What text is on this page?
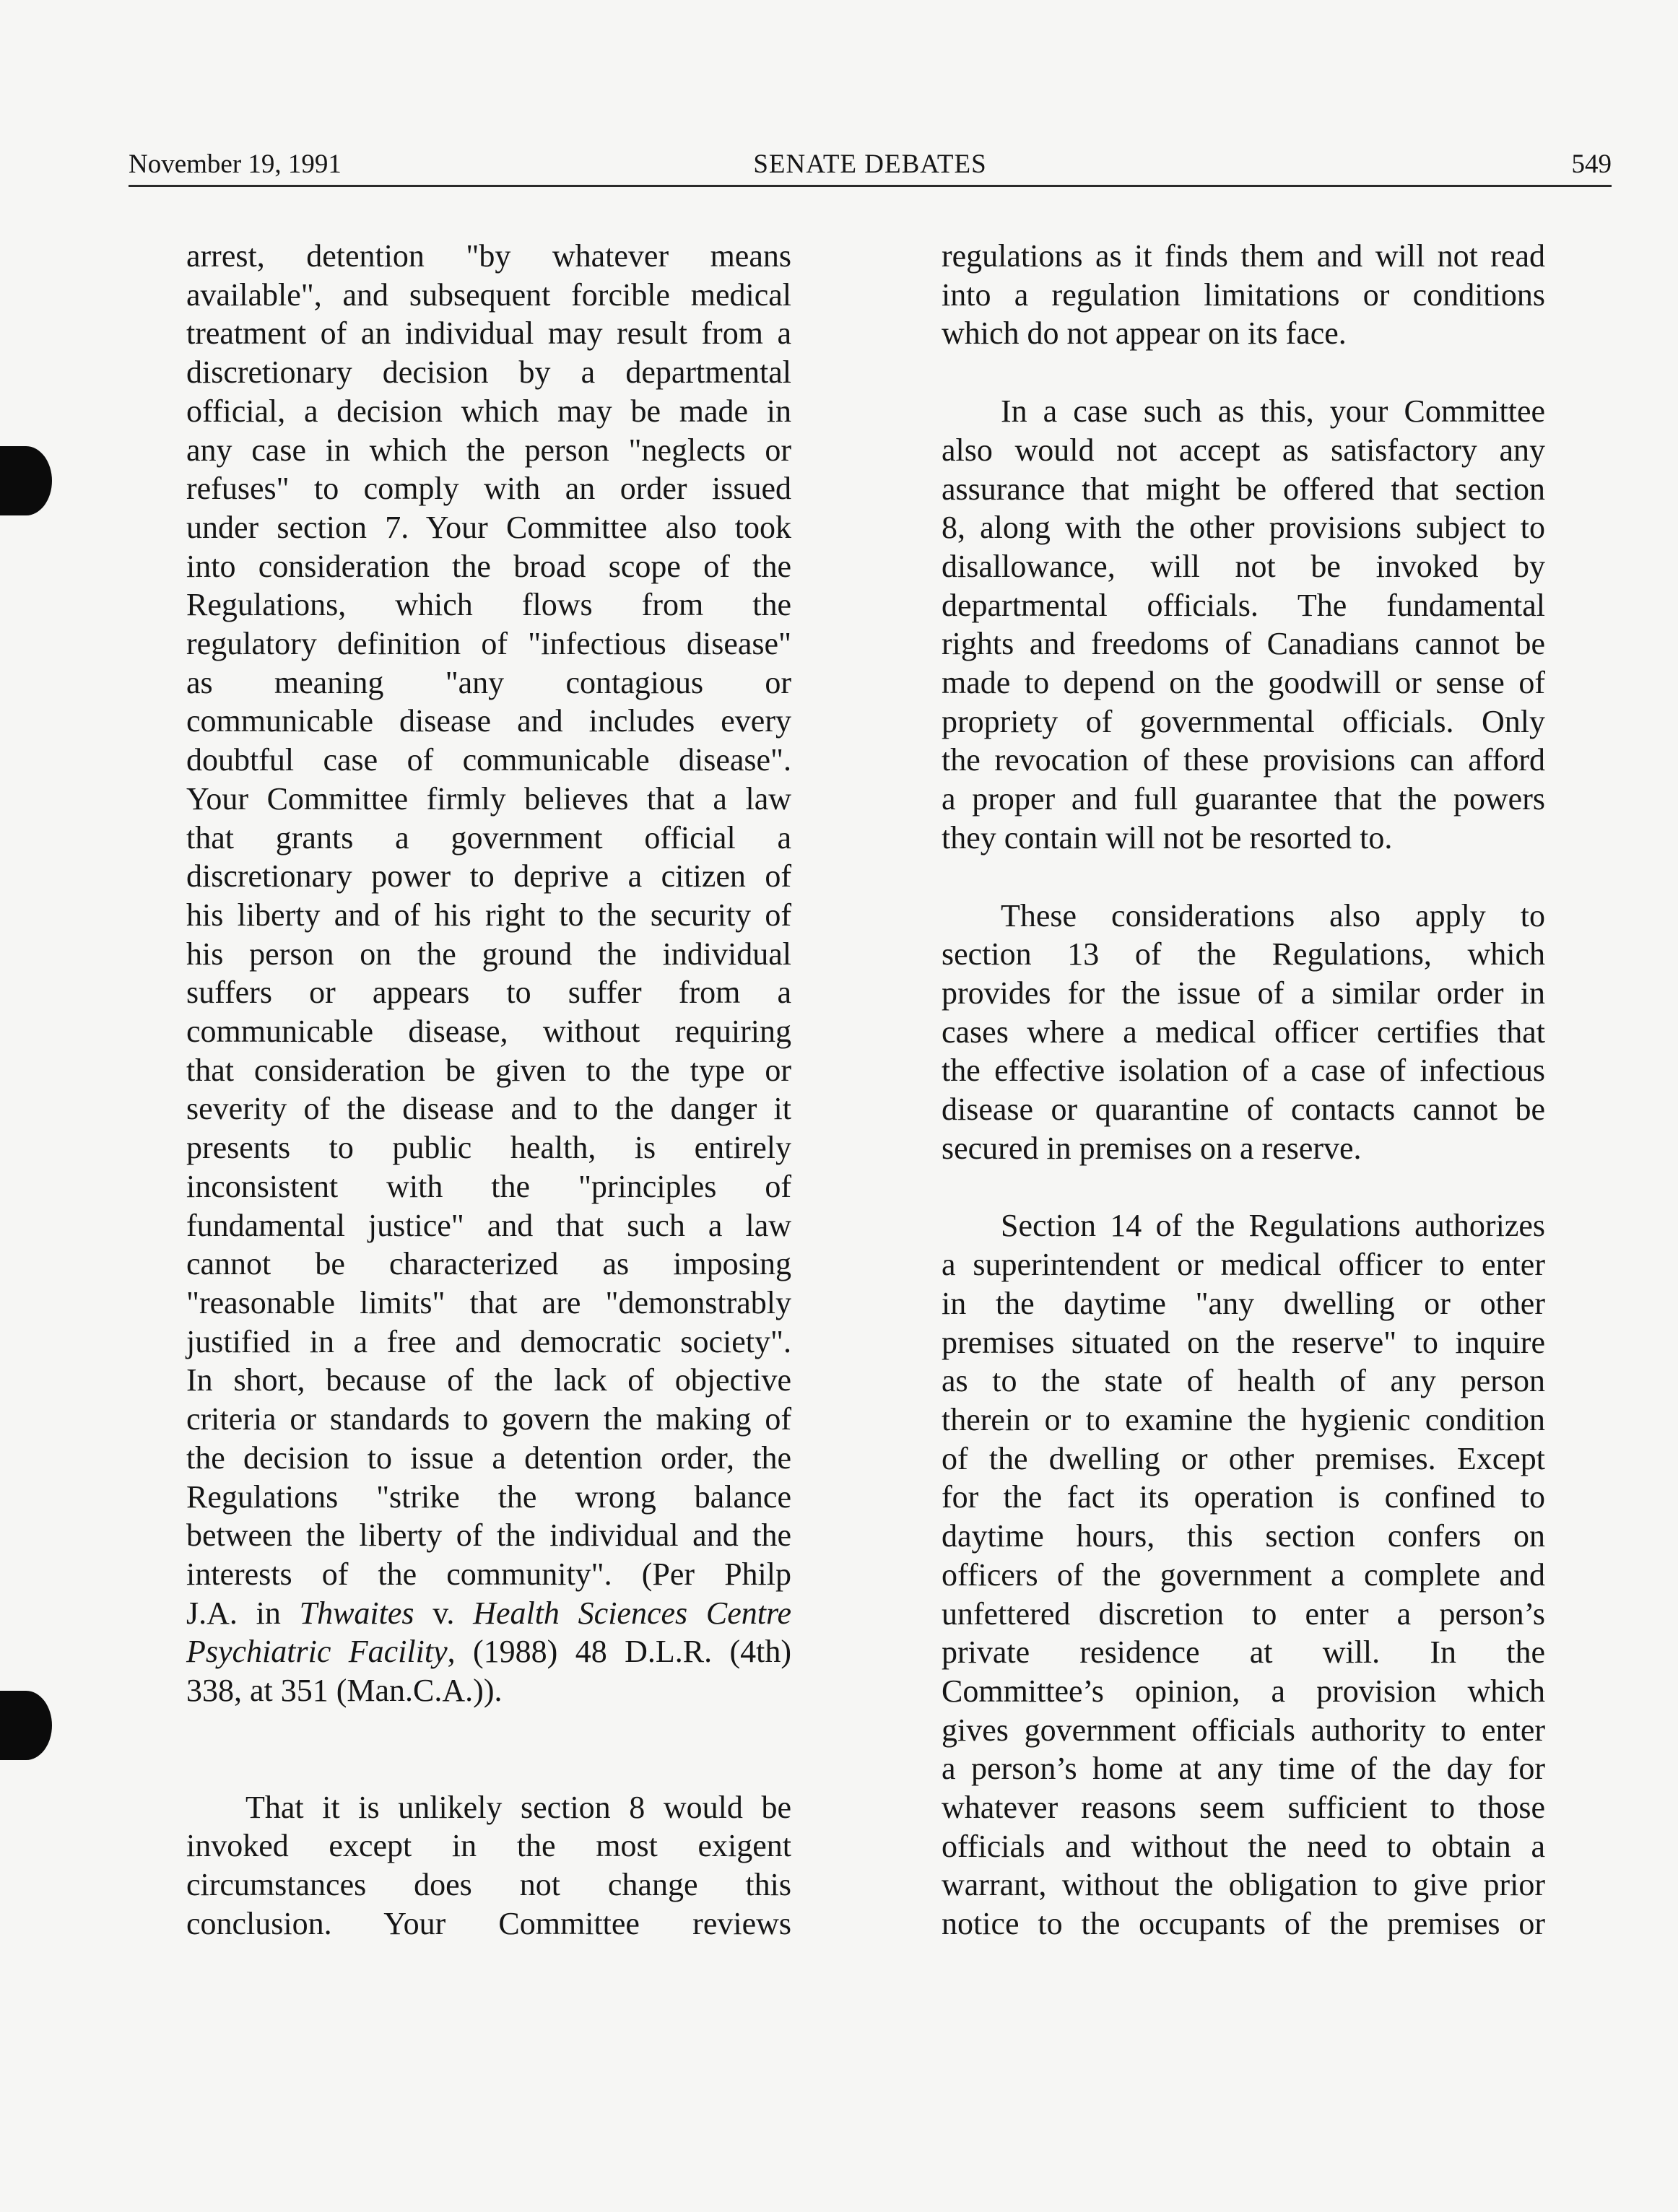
November 19, 1991	SENATE DEBATES	549
arrest, detention "by whatever means
available", and subsequent forcible medical
treatment of an individual may result from a
discretionary decision by a departmental
official, a decision which may be made in
any case in which the person "neglects or
refuses" to comply with an order issued
under section 7. Your Committee also took
into consideration the broad scope of the
Regulations, which flows from the
regulatory definition of "infectious disease"
as meaning "any contagious or
communicable disease and includes every
doubtful case of communicable disease".
Your Committee firmly believes that a law
that grants a government official a
discretionary power to deprive a citizen of
his liberty and of his right to the security of
his person on the ground the individual
suffers or appears to suffer from a
communicable disease, without requiring
that consideration be given to the type or
severity of the disease and to the danger it
presents to public health, is entirely
inconsistent with the "principles of
fundamental justice" and that such a law
cannot be characterized as imposing
"reasonable limits" that are "demonstrably
justified in a free and democratic society".
In short, because of the lack of objective
criteria or standards to govern the making of
the decision to issue a detention order, the
Regulations "strike the wrong balance
between the liberty of the individual and the
interests of the community". (Per Philp
J.A. in Thwaites v. Health Sciences Centre
Psychiatric Facility, (1988) 48 D.L.R. (4th)
338, at 351 (Man.C.A.)).
That it is unlikely section 8 would be
invoked except in the most exigent
circumstances does not change this
conclusion. Your Committee reviews
regulations as it finds them and will not read
into a regulation limitations or conditions
which do not appear on its face.
In a case such as this, your Committee
also would not accept as satisfactory any
assurance that might be offered that section
8, along with the other provisions subject to
disallowance, will not be invoked by
departmental officials. The fundamental
rights and freedoms of Canadians cannot be
made to depend on the goodwill or sense of
propriety of governmental officials. Only
the revocation of these provisions can afford
a proper and full guarantee that the powers
they contain will not be resorted to.
These considerations also apply to
section 13 of the Regulations, which
provides for the issue of a similar order in
cases where a medical officer certifies that
the effective isolation of a case of infectious
disease or quarantine of contacts cannot be
secured in premises on a reserve.
Section 14 of the Regulations authorizes
a superintendent or medical officer to enter
in the daytime "any dwelling or other
premises situated on the reserve" to inquire
as to the state of health of any person
therein or to examine the hygienic condition
of the dwelling or other premises. Except
for the fact its operation is confined to
daytime hours, this section confers on
officers of the government a complete and
unfettered discretion to enter a person’s
private residence at will. In the
Committee’s opinion, a provision which
gives government officials authority to enter
a person’s home at any time of the day for
whatever reasons seem sufficient to those
officials and without the need to obtain a
warrant, without the obligation to give prior
notice to the occupants of the premises or
